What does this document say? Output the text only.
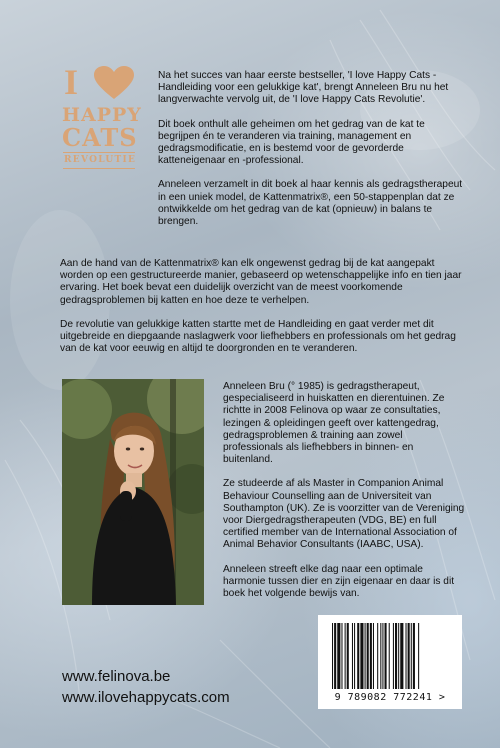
I
HAPPY
CATS
REVOLUTIE

Na het succes van haar eerste bestseller, 'I love Happy Cats - Handleiding voor een gelukkige kat', brengt Anneleen Bru nu het langverwachte vervolg uit, de 'I love Happy Cats Revolutie'.

Dit boek onthult alle geheimen om het gedrag van de kat te begrijpen én te veranderen via training, management en gedragsmodificatie, en is bestemd voor de gevorderde katteneigenaar en -professional.

Anneleen verzamelt in dit boek al haar kennis als gedragstherapeut in een uniek model, de Kattenmatrix®, een 50-stappenplan dat ze ontwikkelde om het gedrag van de kat (opnieuw) in balans te brengen.

Aan de hand van de Kattenmatrix® kan elk ongewenst gedrag bij de kat aangepakt worden op een gestructureerde manier, gebaseerd op wetenschappelijke info en tien jaar ervaring. Het boek bevat een duidelijk overzicht van de meest voorkomende gedragsproblemen bij katten en hoe deze te verhelpen.

De revolutie van gelukkige katten startte met de Handleiding en gaat verder met dit uitgebreide en diepgaande naslagwerk voor liefhebbers en professionals om het gedrag van de kat voor eeuwig en altijd te doorgronden en te veranderen.

Anneleen Bru (° 1985) is gedragstherapeut, gespecialiseerd in huiskatten en dierentuinen. Ze richtte in 2008 Felinova op waar ze consultaties, lezingen & opleidingen geeft over kattengedrag, gedragsproblemen & training aan zowel professionals als liefhebbers in binnen- en buitenland.

Ze studeerde af als Master in Companion Animal Behaviour Counselling aan de Universiteit van Southampton (UK). Ze is voorzitter van de Vereniging voor Diergedragstherapeuten (VDG, BE) en full certified member van de International Association of Animal Behavior Consultants (IAABC, USA).

Anneleen streeft elke dag naar een optimale harmonie tussen dier en zijn eigenaar en daar is dit boek het volgende bewijs van.

www.felinova.be
www.ilovehappycats.com	9 789082 772241 >
